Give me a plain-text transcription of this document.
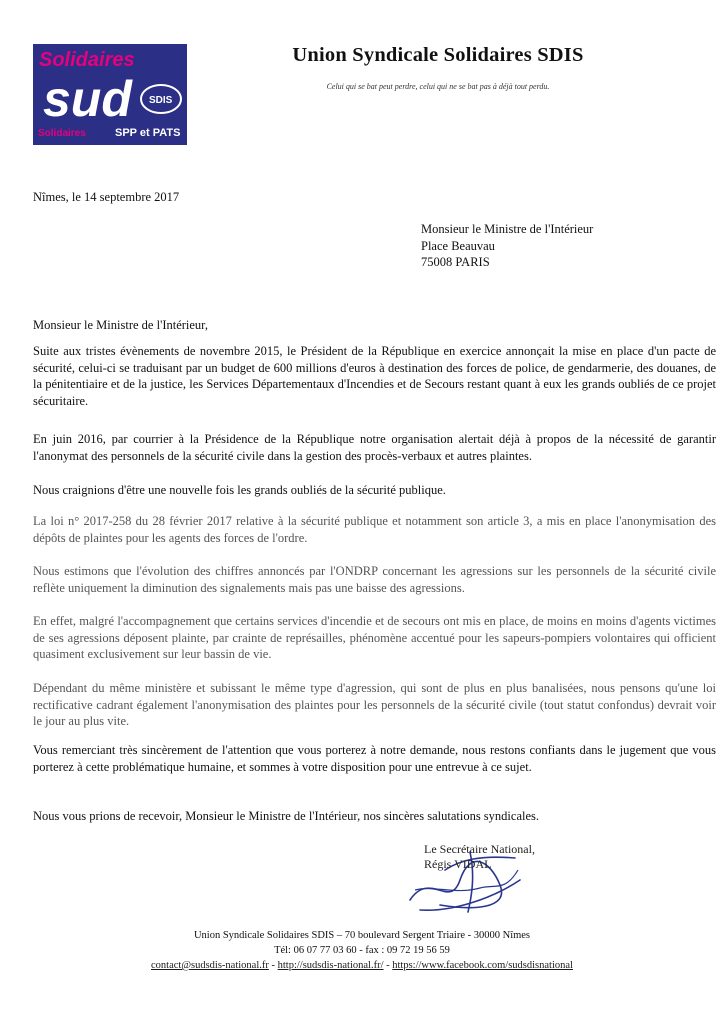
Solidaires
sud SDIS
Solidaires	SPP et PATS
Union Syndicale Solidaires SDIS
Celui qui se bat peut perdre, celui qui ne se bat pas à déjà tout perdu.
Nîmes, le 14 septembre 2017
Monsieur le Ministre de l'Intérieur
Place Beauvau
75008 PARIS
Monsieur le Ministre de l'Intérieur,

Suite aux tristes évènements de novembre 2015, le Président de la République en exercice annonçait la mise en place d'un pacte de sécurité, celui-ci se traduisant par un budget de 600 millions d'euros à destination des forces de police, de gendarmerie, des douanes, de la pénitentiaire et de la justice, les Services Départementaux d'Incendies et de Secours restant quant à eux les grands oubliés de ce projet sécuritaire.

En juin 2016, par courrier à la Présidence de la République notre organisation alertait déjà à propos de la nécessité de garantir l'anonymat des personnels de la sécurité civile dans la gestion des procès-verbaux et autres plaintes.

Nous craignions d'être une nouvelle fois les grands oubliés de la sécurité publique.

La loi n° 2017-258 du 28 février 2017 relative à la sécurité publique et notamment son article 3, a mis en place l'anonymisation des dépôts de plaintes pour les agents des forces de l'ordre.

Nous estimons que l'évolution des chiffres annoncés par l'ONDRP concernant les agressions sur les personnels de la sécurité civile reflète uniquement la diminution des signalements mais pas une baisse des agressions.

En effet, malgré l'accompagnement que certains services d'incendie et de secours ont mis en place, de moins en moins d'agents victimes de ses agressions déposent plainte, par crainte de représailles, phénomène accentué pour les sapeurs-pompiers volontaires qui officient quasiment exclusivement sur leur bassin de vie.

Dépendant du même ministère et subissant le même type d'agression, qui sont de plus en plus banalisées, nous pensons qu'une loi rectificative cadrant également l'anonymisation des plaintes pour les personnels de la sécurité civile (tout statut confondus) devrait voir le jour au plus vite.

Vous remerciant très sincèrement de l'attention que vous porterez à notre demande, nous restons confiants dans le jugement que vous porterez à cette problématique humaine, et sommes à votre disposition pour une entrevue à ce sujet.

Nous vous prions de recevoir, Monsieur le Ministre de l'Intérieur, nos sincères salutations syndicales.

Le Secrétaire National,
Régis VIDAL
Union Syndicale Solidaires SDIS – 70 boulevard Sergent Triaire - 30000 Nîmes
Tél: 06 07 77 03 60 - fax : 09 72 19 56 59
contact@sudsdis-national.fr - http://sudsdis-national.fr/ - https://www.facebook.com/sudsdisnational
